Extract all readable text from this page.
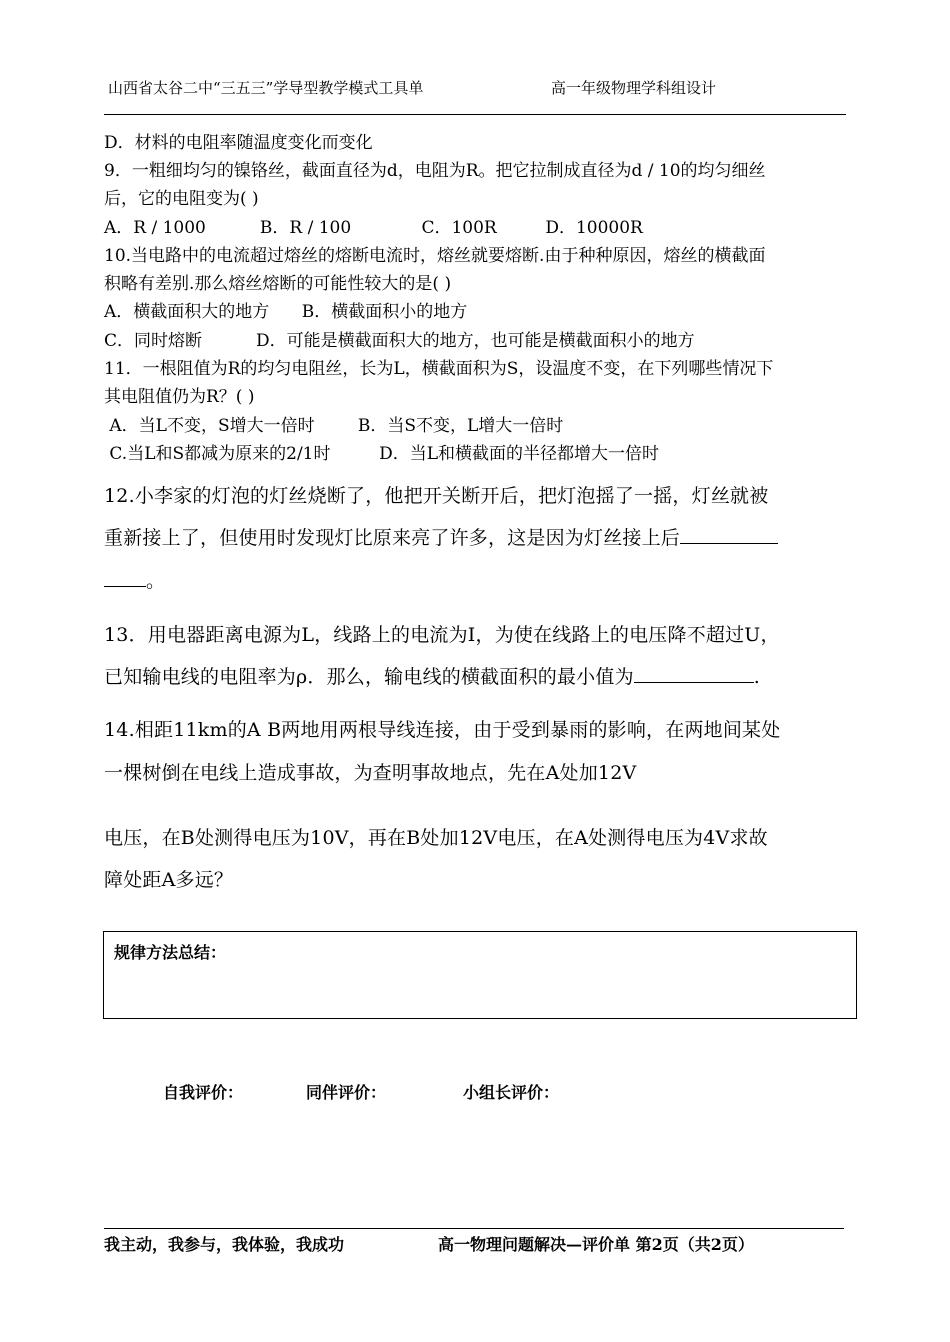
山西省太谷二中“三五三”学导型教学模式工具单	高一年级物理学科组设计
D．材料的电阻率随温度变化而变化
9．一粗细均匀的镍铬丝，截面直径为d，电阻为R。把它拉制成直径为d / 10的均匀细丝
后，它的电阻变为( )
A．R / 1000          B．R / 100             C．100R         D．10000R
10.当电路中的电流超过熔丝的熔断电流时，熔丝就要熔断.由于种种原因，熔丝的横截面
积略有差别.那么熔丝熔断的可能性较大的是( )
A．横截面积大的地方      B．横截面积小的地方
C．同时熔断          D．可能是横截面积大的地方，也可能是横截面积小的地方
11．一根阻值为R的均匀电阻丝，长为L，横截面积为S，设温度不变，在下列哪些情况下
其电阻值仍为R？( )
A．当L不变，S增大一倍时        B．当S不变，L增大一倍时
C.当L和S都减为原来的2/1时         D．当L和横截面的半径都增大一倍时
12.小李家的灯泡的灯丝烧断了，他把开关断开后，把灯泡摇了一摇，灯丝就被
重新接上了，但使用时发现灯比原来亮了许多，这是因为灯丝接上后
。
13．用电器距离电源为L，线路上的电流为I，为使在线路上的电压降不超过U，
已知输电线的电阻率为ρ．那么，输电线的横截面积的最小值为	.
14.相距11km的A B两地用两根导线连接，由于受到暴雨的影响，在两地间某处
一棵树倒在电线上造成事故，为查明事故地点，先在A处加12V
电压，在B处测得电压为10V，再在B处加12V电压，在A处测得电压为4V求故
障处距A多远？
规律方法总结：
自我评价：	同伴评价：	小组长评价：
我主动，我参与，我体验，我成功	高一物理问题解决—评价单 第2页（共2页）
